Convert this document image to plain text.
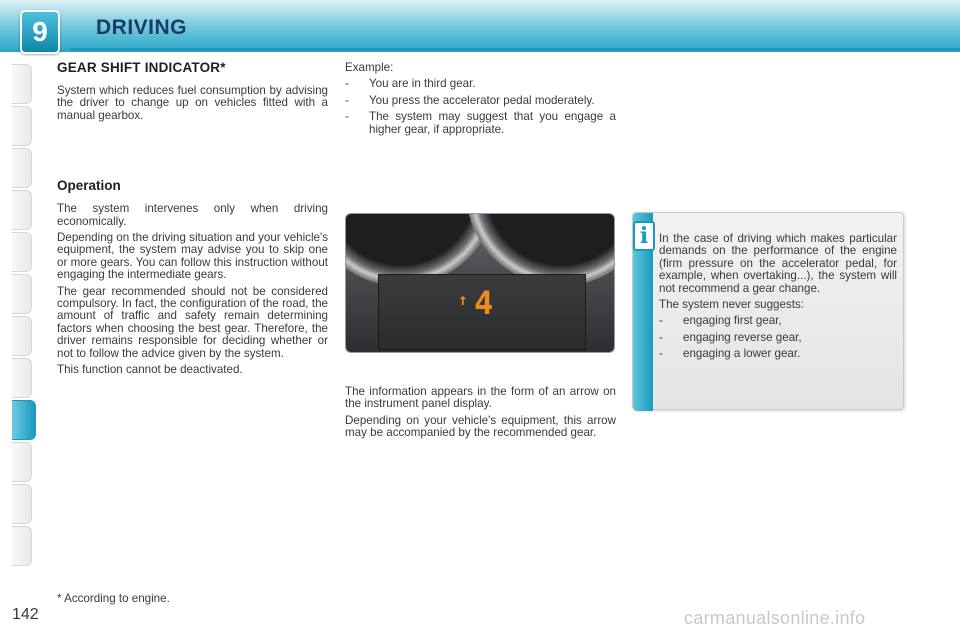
9 DRIVING
GEAR SHIFT INDICATOR*

System which reduces fuel consumption by advising the driver to change up on vehicles fitted with a manual gearbox.

Operation

The system intervenes only when driving economically.

Depending on the driving situation and your vehicle's equipment, the system may advise you to skip one or more gears. You can follow this instruction without engaging the intermediate gears.

The gear recommended should not be considered compulsory. In fact, the configuration of the road, the amount of traffic and safety remain determining factors when choosing the best gear. Therefore, the driver remains responsible for deciding whether or not to follow the advice given by the system.

This function cannot be deactivated.

Example:

-	You are in third gear.
-	You press the accelerator pedal moderately.
-	The system may suggest that you engage a higher gear, if appropriate.
↑ 4

The information appears in the form of an arrow on the instrument panel display.

Depending on your vehicle's equipment, this arrow may be accompanied by the recommended gear.

i In the case of driving which makes particular demands on the performance of the engine (firm pressure on the accelerator pedal, for example, when overtaking...), the system will not recommend a gear change.

The system never suggests:

-	engaging first gear,
-	engaging reverse gear,
-	engaging a lower gear.
* According to engine.
142	carmanualsonline.info
